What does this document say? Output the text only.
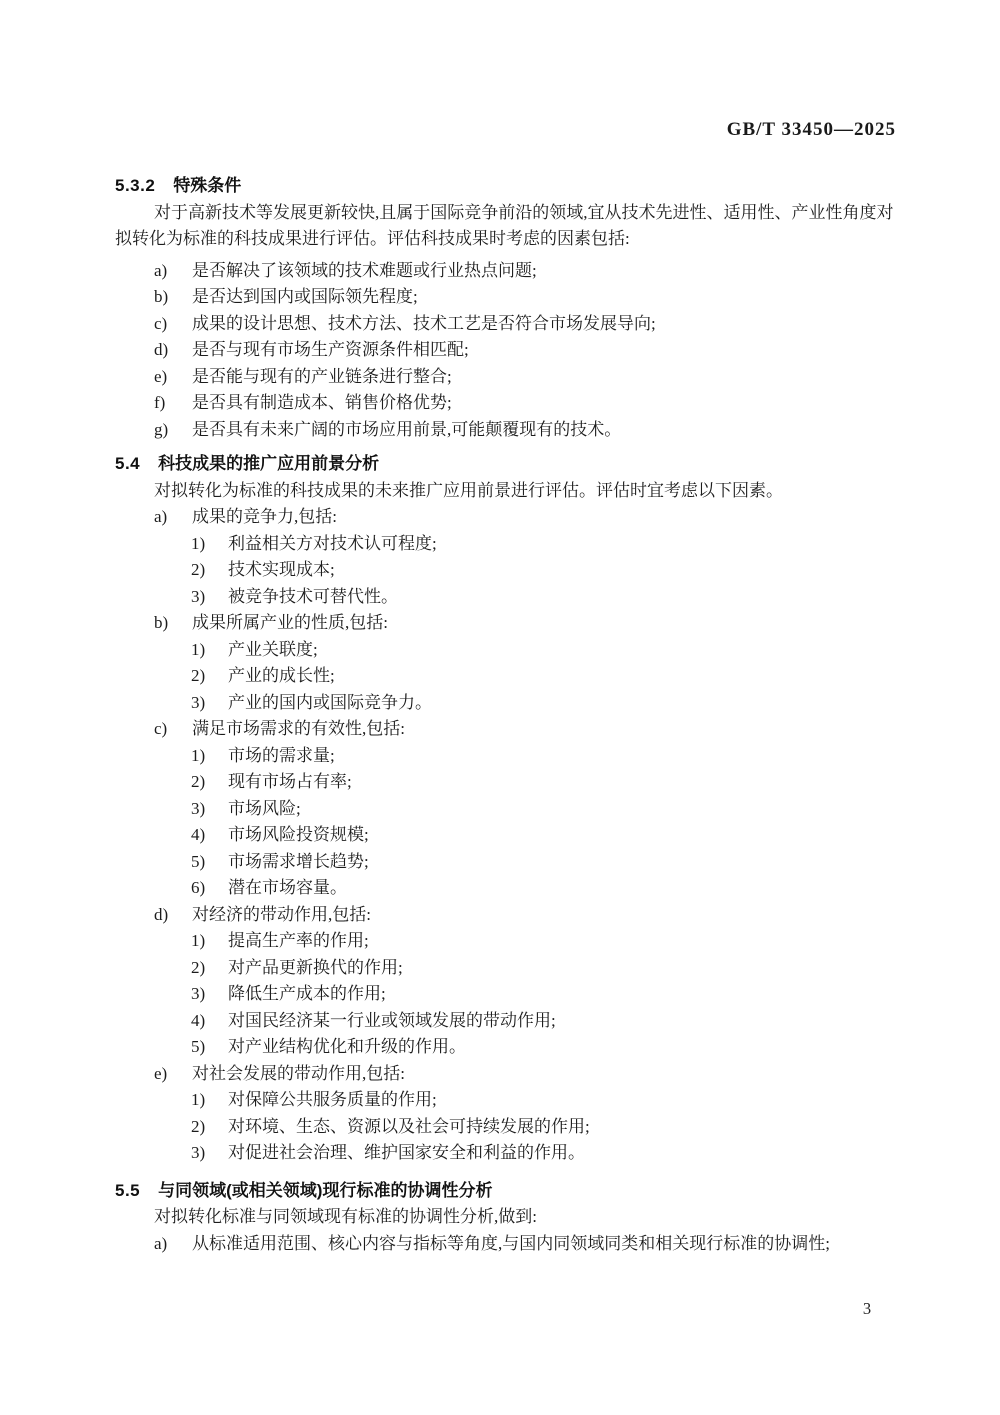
GB/T 33450—2025
5.3.2 特殊条件

对于高新技术等发展更新较快,且属于国际竞争前沿的领域,宜从技术先进性、适用性、产业性角度对拟转化为标准的科技成果进行评估。评估科技成果时考虑的因素包括:

a) 是否解决了该领域的技术难题或行业热点问题;
b) 是否达到国内或国际领先程度;
c) 成果的设计思想、技术方法、技术工艺是否符合市场发展导向;
d) 是否与现有市场生产资源条件相匹配;
e) 是否能与现有的产业链条进行整合;
f) 是否具有制造成本、销售价格优势;
g) 是否具有未来广阔的市场应用前景,可能颠覆现有的技术。
5.4 科技成果的推广应用前景分析

对拟转化为标准的科技成果的未来推广应用前景进行评估。评估时宜考虑以下因素。

a) 成果的竞争力,包括:
1) 利益相关方对技术认可程度;
2) 技术实现成本;
3) 被竞争技术可替代性。
b) 成果所属产业的性质,包括:
1) 产业关联度;
2) 产业的成长性;
3) 产业的国内或国际竞争力。
c) 满足市场需求的有效性,包括:
1) 市场的需求量;
2) 现有市场占有率;
3) 市场风险;
4) 市场风险投资规模;
5) 市场需求增长趋势;
6) 潜在市场容量。
d) 对经济的带动作用,包括:
1) 提高生产率的作用;
2) 对产品更新换代的作用;
3) 降低生产成本的作用;
4) 对国民经济某一行业或领域发展的带动作用;
5) 对产业结构优化和升级的作用。
e) 对社会发展的带动作用,包括:
1) 对保障公共服务质量的作用;
2) 对环境、生态、资源以及社会可持续发展的作用;
3) 对促进社会治理、维护国家安全和利益的作用。
5.5 与同领域(或相关领域)现行标准的协调性分析

对拟转化标准与同领域现有标准的协调性分析,做到:

a) 从标准适用范围、核心内容与指标等角度,与国内同领域同类和相关现行标准的协调性;
3
